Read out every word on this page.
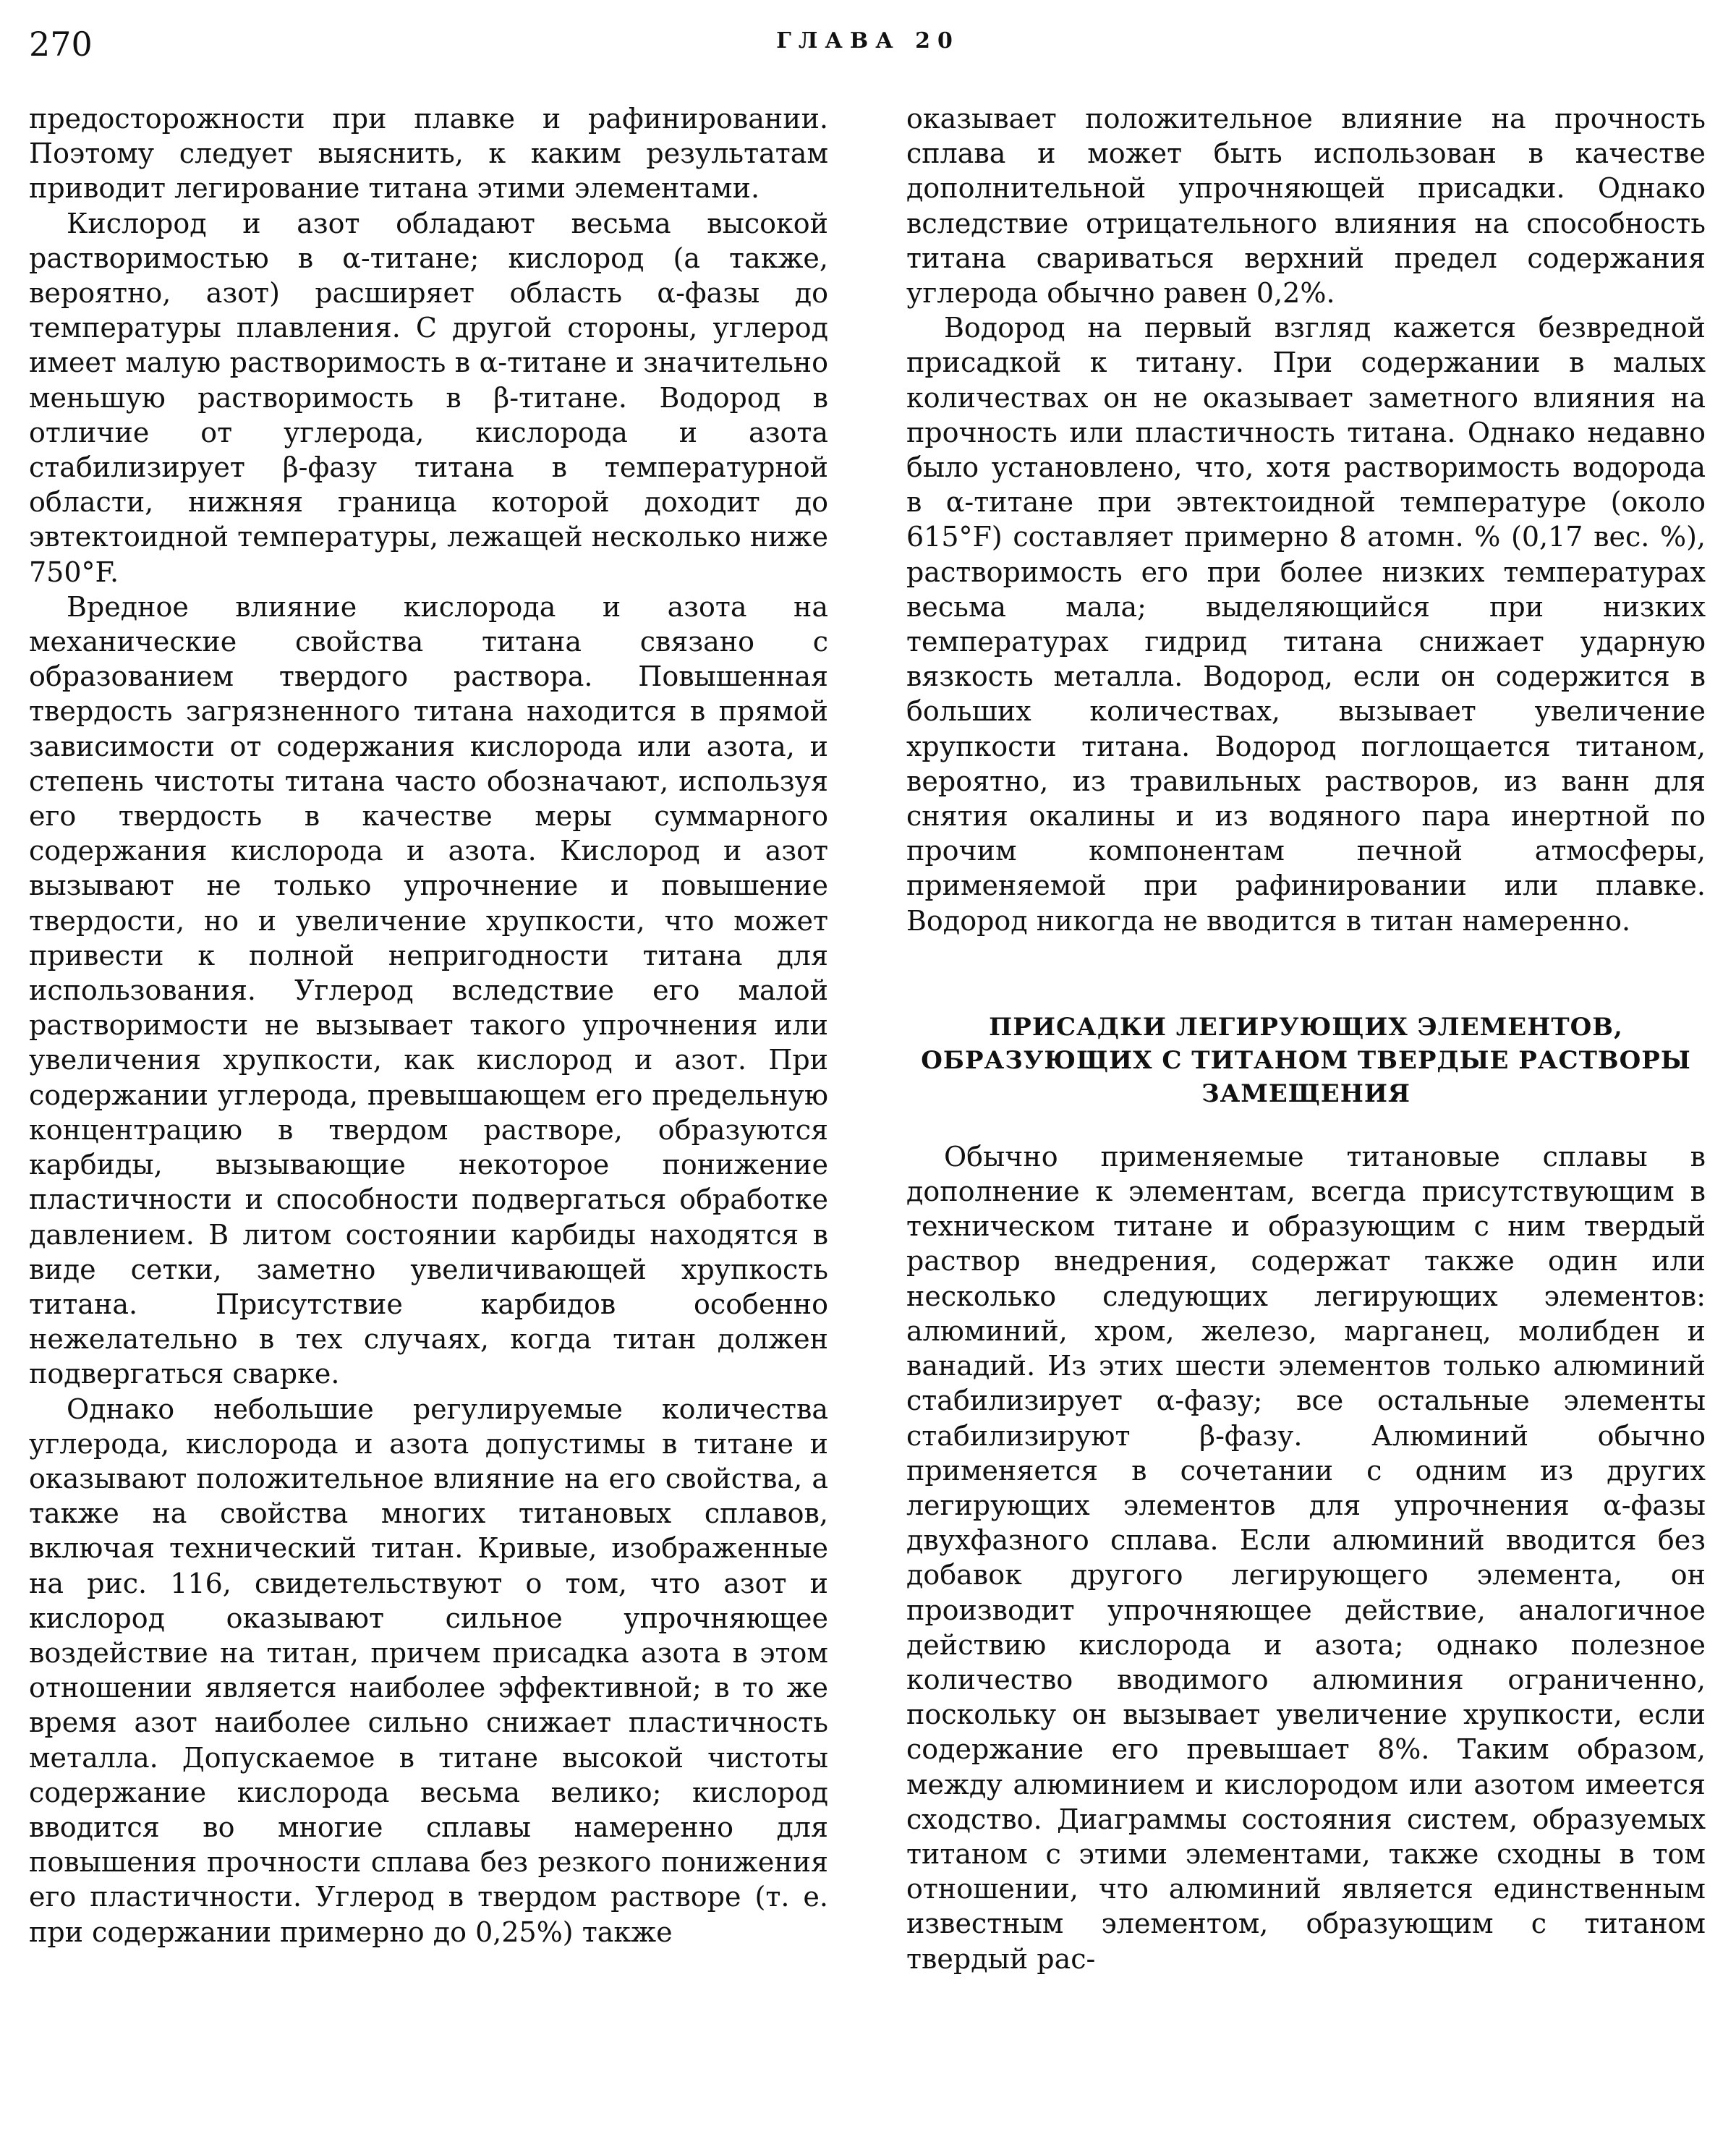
270	ГЛАВА 20

предосторожности при плавке и рафинировании. Поэтому следует выяснить, к каким результатам приводит легирование титана этими элементами.

Кислород и азот обладают весьма высокой растворимостью в α-титане; кислород (а также, вероятно, азот) расширяет область α-фазы до температуры плавления. С другой стороны, углерод имеет малую растворимость в α-титане и значительно меньшую растворимость в β-титане. Водород в отличие от углерода, кислорода и азота стабилизирует β-фазу титана в температурной области, нижняя граница которой доходит до эвтектоидной температуры, лежащей несколько ниже 750°F.

Вредное влияние кислорода и азота на механические свойства титана связано с образованием твердого раствора. Повышенная твердость загрязненного титана находится в прямой зависимости от содержания кислорода или азота, и степень чистоты титана часто обозначают, используя его твердость в качестве меры суммарного содержания кислорода и азота. Кислород и азот вызывают не только упрочнение и повышение твердости, но и увеличение хрупкости, что может привести к полной непригодности титана для использования. Углерод вследствие его малой растворимости не вызывает такого упрочнения или увеличения хрупкости, как кислород и азот. При содержании углерода, превышающем его предельную концентрацию в твердом растворе, образуются карбиды, вызывающие некоторое понижение пластичности и способности подвергаться обработке давлением. В литом состоянии карбиды находятся в виде сетки, заметно увеличивающей хрупкость титана. Присутствие карбидов особенно нежелательно в тех случаях, когда титан должен подвергаться сварке.

Однако небольшие регулируемые количества углерода, кислорода и азота допустимы в титане и оказывают положительное влияние на его свойства, а также на свойства многих титановых сплавов, включая технический титан. Кривые, изображенные на рис. 116, свидетельствуют о том, что азот и кислород оказывают сильное упрочняющее воздействие на титан, причем присадка азота в этом отношении является наиболее эффективной; в то же время азот наиболее сильно снижает пластичность металла. Допускаемое в титане высокой чистоты содержание кислорода весьма велико; кислород вводится во многие сплавы намеренно для повышения прочности сплава без резкого понижения его пластичности. Углерод в твердом растворе (т. е. при содержании примерно до 0,25%) также

оказывает положительное влияние на прочность сплава и может быть использован в качестве дополнительной упрочняющей присадки. Однако вследствие отрицательного влияния на способность титана свариваться верхний предел содержания углерода обычно равен 0,2%.

Водород на первый взгляд кажется безвредной присадкой к титану. При содержании в малых количествах он не оказывает заметного влияния на прочность или пластичность титана. Однако недавно было установлено, что, хотя растворимость водорода в α-титане при эвтектоидной температуре (около 615°F) составляет примерно 8 атомн. % (0,17 вес. %), растворимость его при более низких температурах весьма мала; выделяющийся при низких температурах гидрид титана снижает ударную вязкость металла. Водород, если он содержится в больших количествах, вызывает увеличение хрупкости титана. Водород поглощается титаном, вероятно, из травильных растворов, из ванн для снятия окалины и из водяного пара инертной по прочим компонентам печной атмосферы, применяемой при рафинировании или плавке. Водород никогда не вводится в титан намеренно.

ПРИСАДКИ ЛЕГИРУЮЩИХ ЭЛЕМЕНТОВ,
ОБРАЗУЮЩИХ С ТИТАНОМ ТВЕРДЫЕ РАСТВОРЫ
ЗАМЕЩЕНИЯ

Обычно применяемые титановые сплавы в дополнение к элементам, всегда присутствующим в техническом титане и образующим с ним твердый раствор внедрения, содержат также один или несколько следующих легирующих элементов: алюминий, хром, железо, марганец, молибден и ванадий. Из этих шести элементов только алюминий стабилизирует α-фазу; все остальные элементы стабилизируют β-фазу. Алюминий обычно применяется в сочетании с одним из других легирующих элементов для упрочнения α-фазы двухфазного сплава. Если алюминий вводится без добавок другого легирующего элемента, он производит упрочняющее действие, аналогичное действию кислорода и азота; однако полезное количество вводимого алюминия ограниченно, поскольку он вызывает увеличение хрупкости, если содержание его превышает 8%. Таким образом, между алюминием и кислородом или азотом имеется сходство. Диаграммы состояния систем, образуемых титаном с этими элементами, также сходны в том отношении, что алюминий является единственным известным элементом, образующим с титаном твердый рас-
